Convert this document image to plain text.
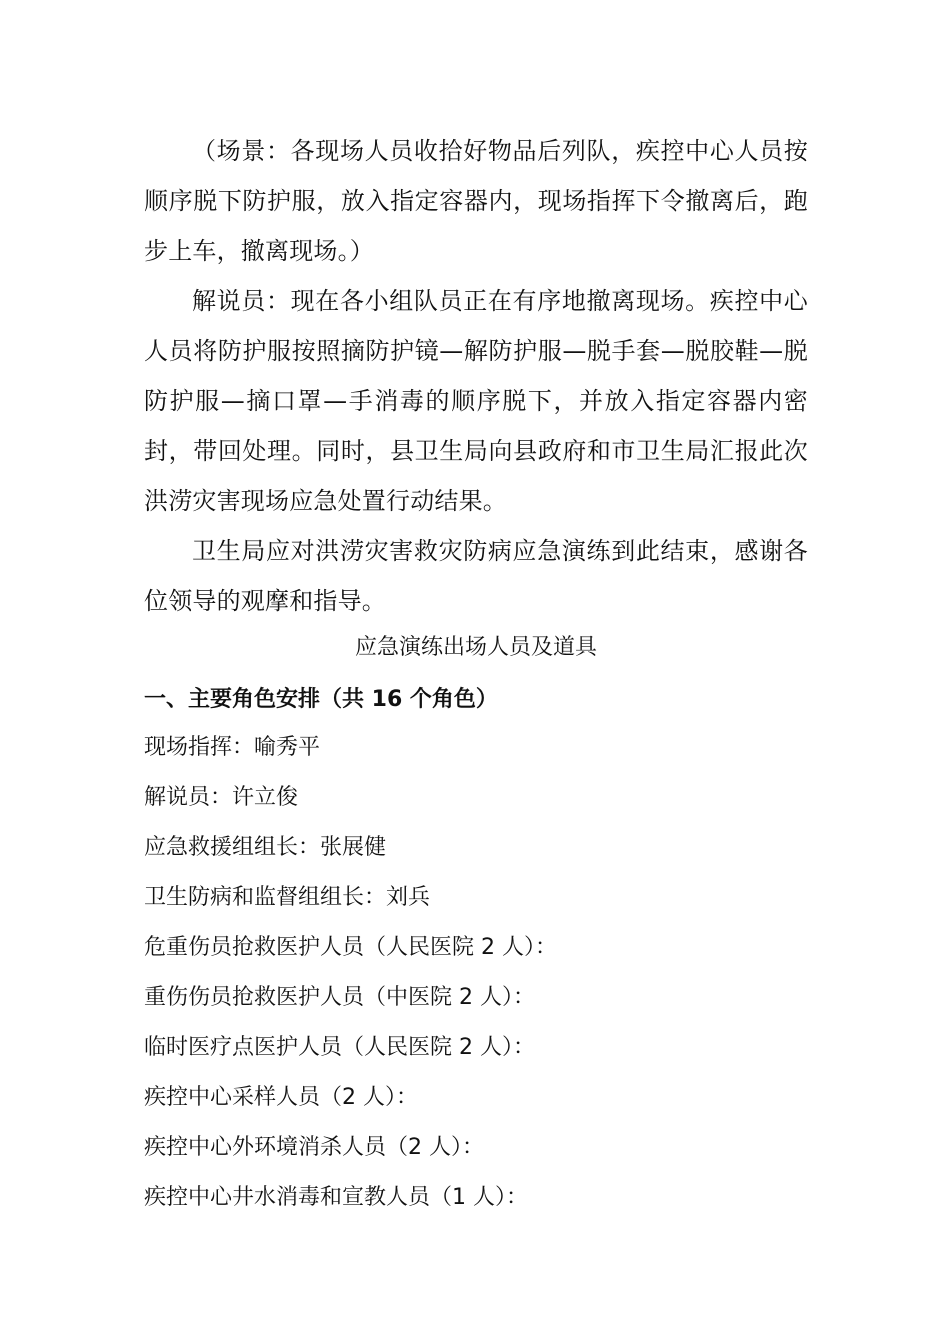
（场景：各现场人员收拾好物品后列队，疾控中心人员按顺序脱下防护服，放入指定容器内，现场指挥下令撤离后，跑步上车，撤离现场。）

解说员：现在各小组队员正在有序地撤离现场。疾控中心人员将防护服按照摘防护镜—解防护服—脱手套—脱胶鞋—脱防护服—摘口罩—手消毒的顺序脱下，并放入指定容器内密封，带回处理。同时，县卫生局向县政府和市卫生局汇报此次洪涝灾害现场应急处置行动结果。

卫生局应对洪涝灾害救灾防病应急演练到此结束，感谢各位领导的观摩和指导。

应急演练出场人员及道具

一、主要角色安排（共 16 个角色）

现场指挥：喻秀平
解说员：许立俊
应急救援组组长：张展健
卫生防病和监督组组长：刘兵
危重伤员抢救医护人员（人民医院 2 人）：
重伤伤员抢救医护人员（中医院 2 人）：
临时医疗点医护人员（人民医院 2 人）：
疾控中心采样人员（2 人）：
疾控中心外环境消杀人员（2 人）：
疾控中心井水消毒和宣教人员（1 人）：
